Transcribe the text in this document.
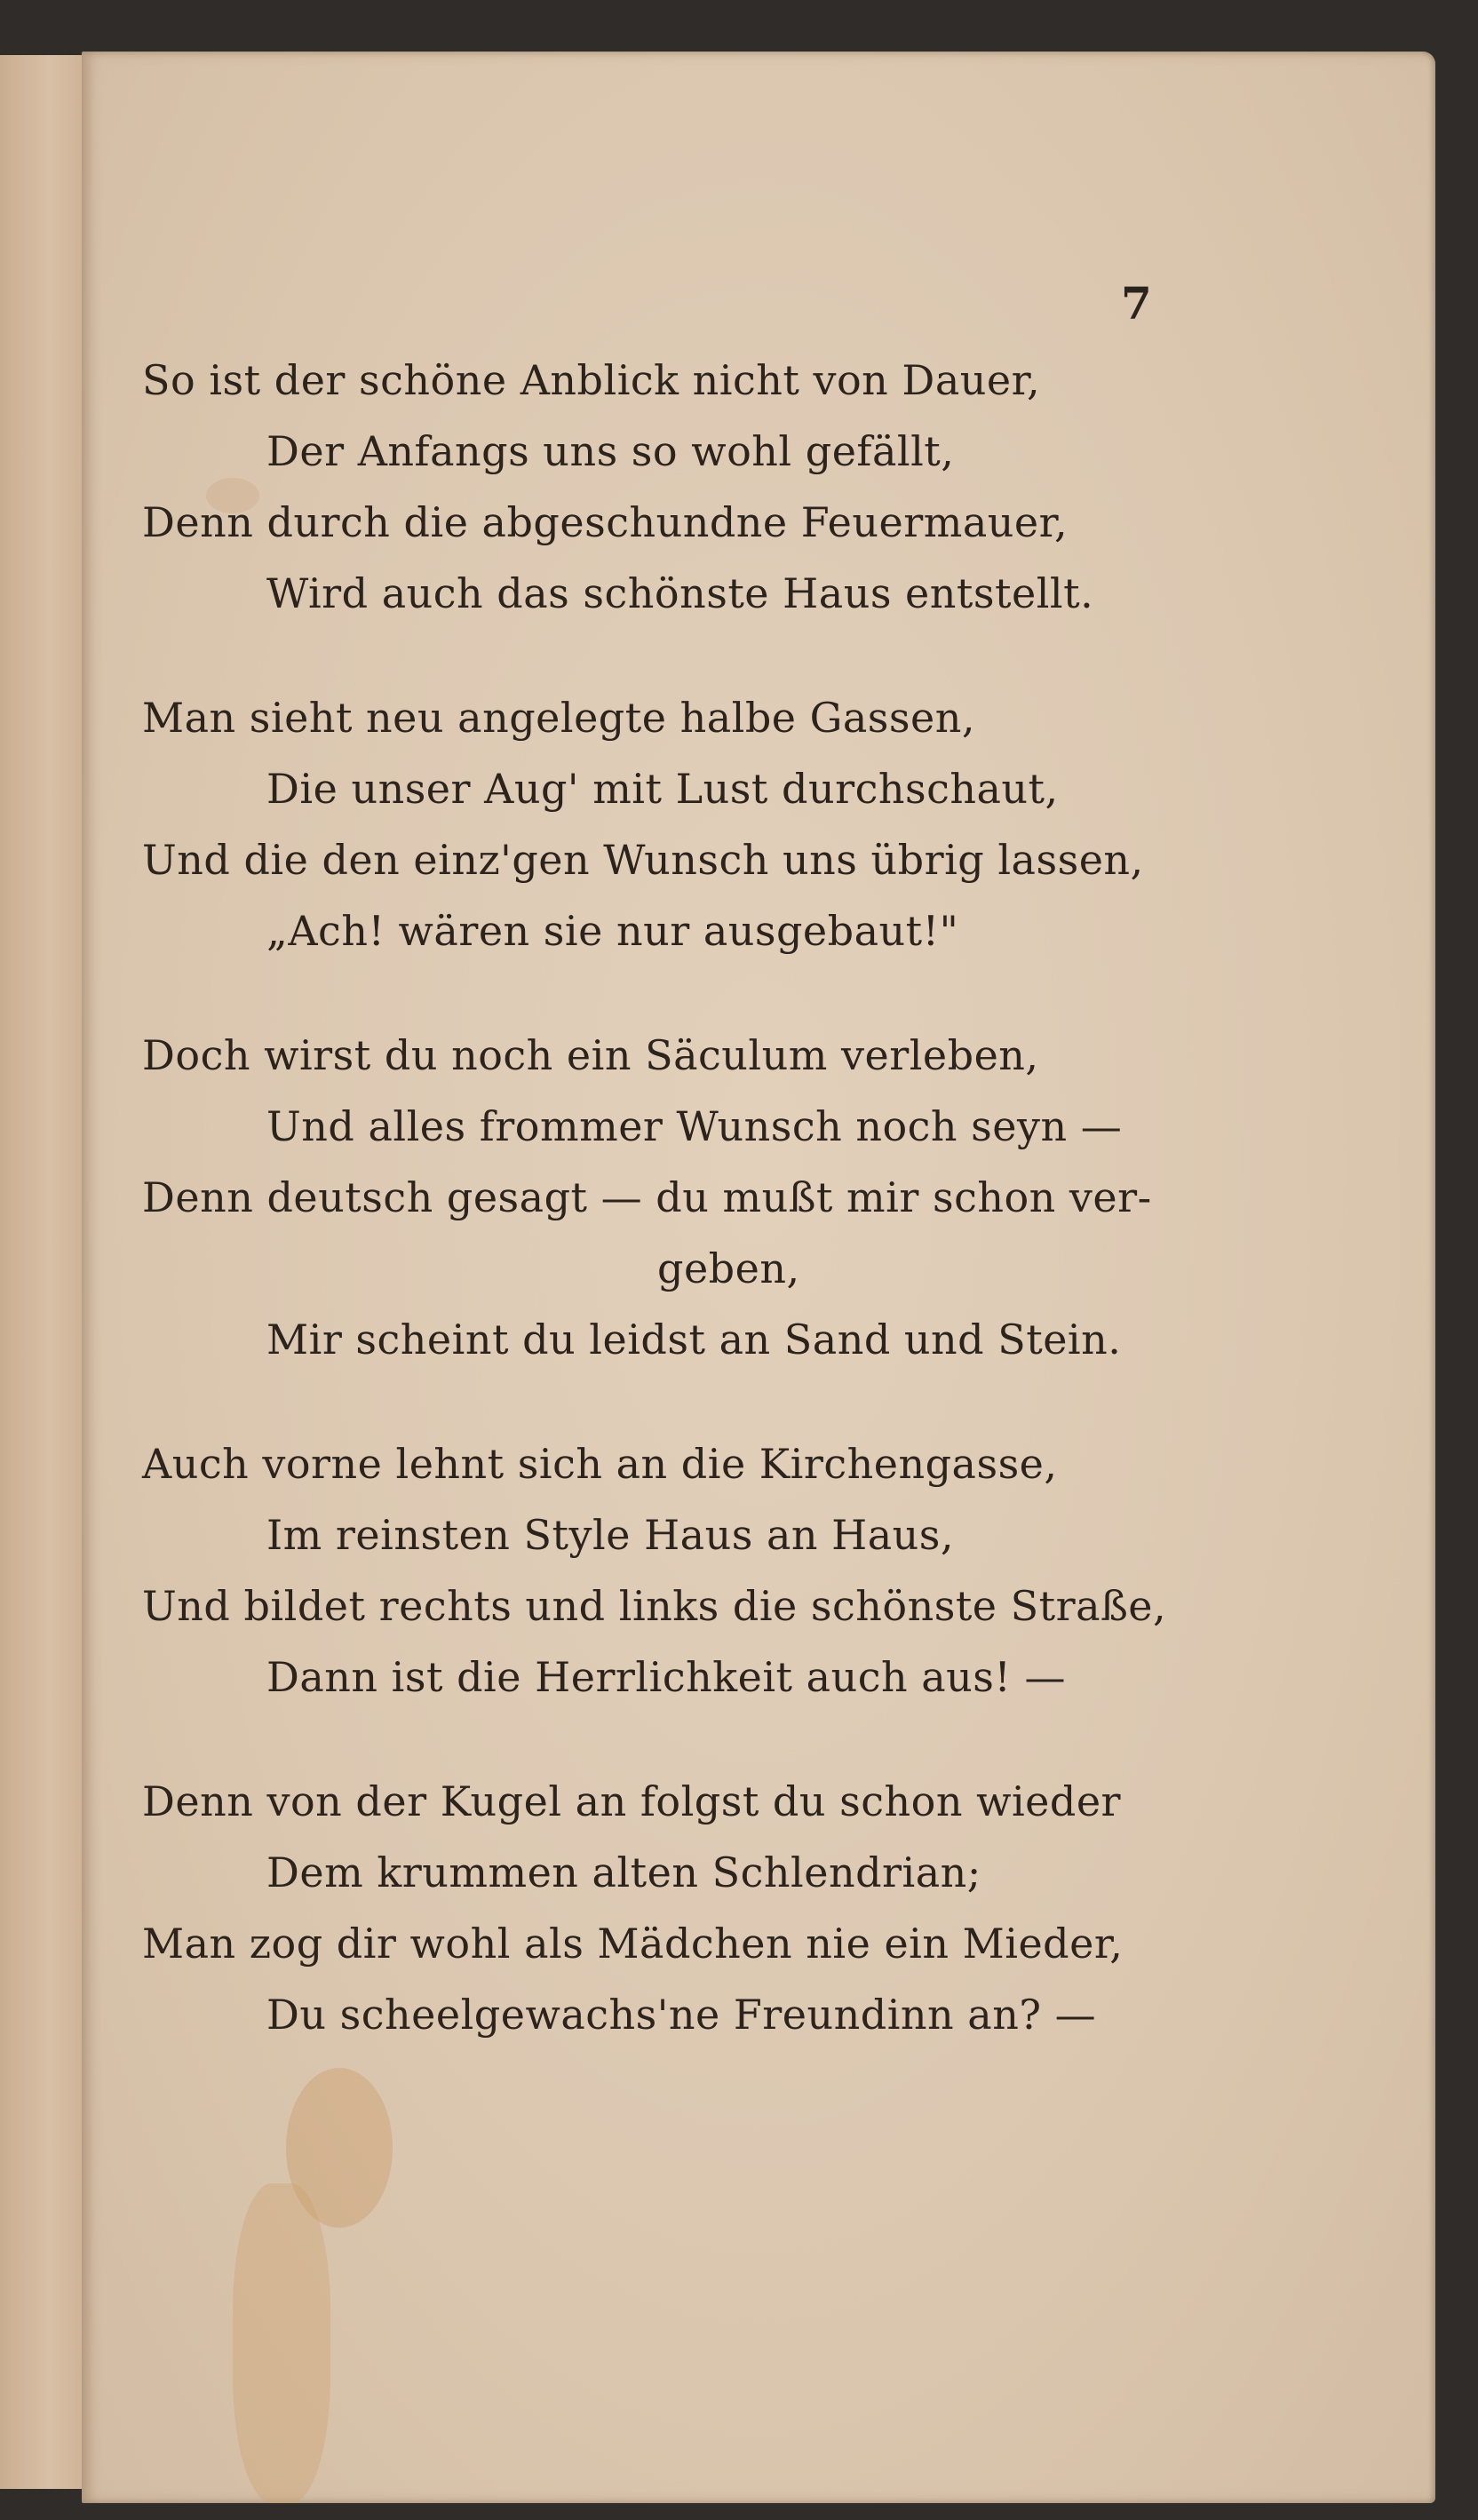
7
So ist der schöne Anblick nicht von Dauer,
Der Anfangs uns so wohl gefällt,
Denn durch die abgeschundne Feuermauer,
Wird auch das schönste Haus entstellt.
Man sieht neu angelegte halbe Gassen,
Die unser Aug' mit Lust durchschaut,
Und die den einz'gen Wunsch uns übrig lassen,
„Ach! wären sie nur ausgebaut!"
Doch wirst du noch ein Säculum verleben,
Und alles frommer Wunsch noch seyn —
Denn deutsch gesagt — du mußt mir schon ver-
geben,
Mir scheint du leidst an Sand und Stein.
Auch vorne lehnt sich an die Kirchengasse,
Im reinsten Style Haus an Haus,
Und bildet rechts und links die schönste Straße,
Dann ist die Herrlichkeit auch aus! —
Denn von der Kugel an folgst du schon wieder
Dem krummen alten Schlendrian;
Man zog dir wohl als Mädchen nie ein Mieder,
Du scheelgewachs'ne Freundinn an? —
